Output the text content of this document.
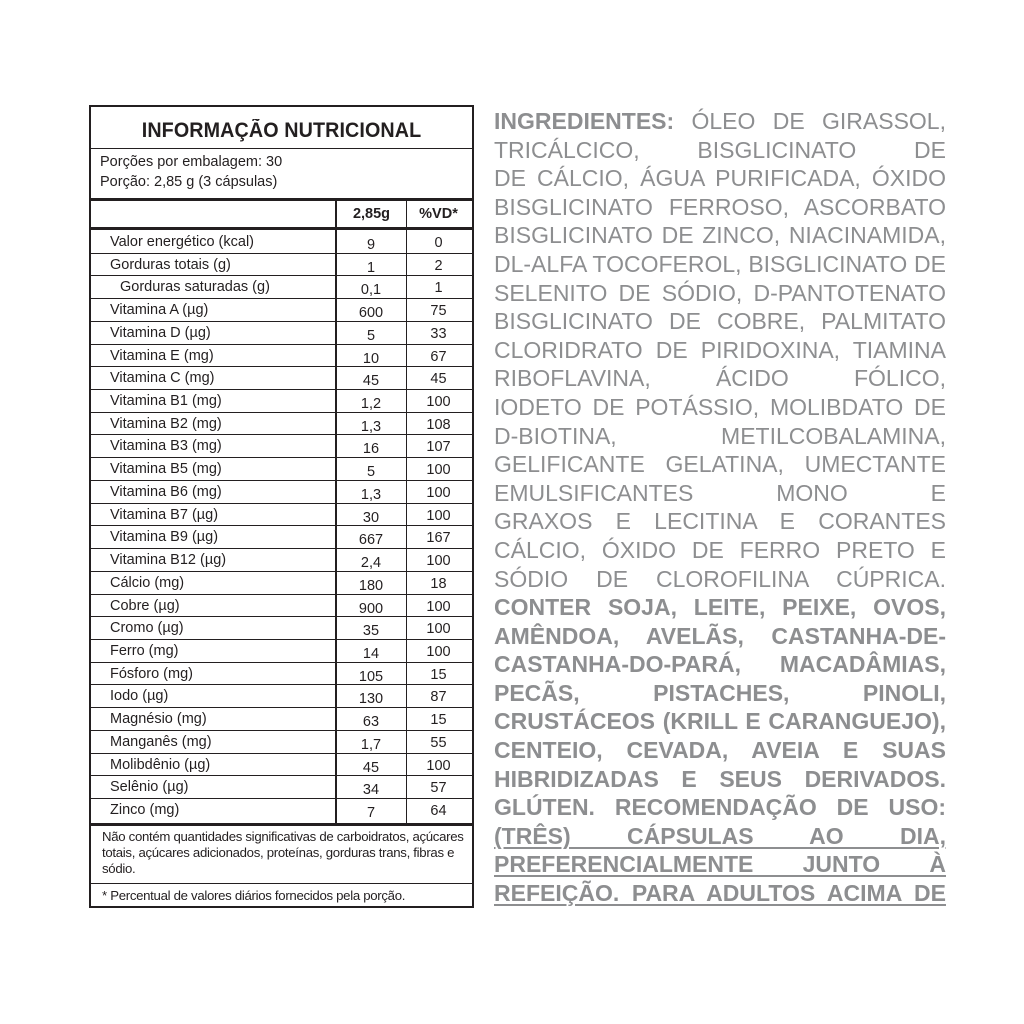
INFORMAÇÃO NUTRICIONAL
Porções por embalagem: 30
Porção: 2,85 g (3 cápsulas)
2,85g	%VD*
Valor energético (kcal)	9	0
Gorduras totais (g)	1	2
Gorduras saturadas (g)	0,1	1
Vitamina A (µg)	600	75
Vitamina D (µg)	5	33
Vitamina E (mg)	10	67
Vitamina C (mg)	45	45
Vitamina B1 (mg)	1,2	100
Vitamina B2 (mg)	1,3	108
Vitamina B3 (mg)	16	107
Vitamina B5 (mg)	5	100
Vitamina B6 (mg)	1,3	100
Vitamina B7 (µg)	30	100
Vitamina B9 (µg)	667	167
Vitamina B12 (µg)	2,4	100
Cálcio (mg)	180	18
Cobre (µg)	900	100
Cromo (µg)	35	100
Ferro (mg)	14	100
Fósforo (mg)	105	15
Iodo (µg)	130	87
Magnésio (mg)	63	15
Manganês (mg)	1,7	55
Molibdênio (µg)	45	100
Selênio (µg)	34	57
Zinco (mg)	7	64
Não contém quantidades significativas de carboidratos, açúcares totais, açúcares adicionados, proteínas, gorduras trans, fibras e sódio.
* Percentual de valores diários fornecidos pela porção.
INGREDIENTES: ÓLEO DE GIRASSOL,
TRICÁLCICO, BISGLICINATO DE
DE CÁLCIO, ÁGUA PURIFICADA, ÓXIDO
BISGLICINATO FERROSO, ASCORBATO
BISGLICINATO DE ZINCO, NIACINAMIDA,
DL-ALFA TOCOFEROL, BISGLICINATO DE
SELENITO DE SÓDIO, D-PANTOTENATO
BISGLICINATO DE COBRE, PALMITATO
CLORIDRATO DE PIRIDOXINA, TIAMINA
RIBOFLAVINA, ÁCIDO FÓLICO,
IODETO DE POTÁSSIO, MOLIBDATO DE
D-BIOTINA, METILCOBALAMINA,
GELIFICANTE GELATINA, UMECTANTE
EMULSIFICANTES MONO E
GRAXOS E LECITINA E CORANTES
CÁLCIO, ÓXIDO DE FERRO PRETO E
SÓDIO DE CLOROFILINA CÚPRICA.
CONTER SOJA, LEITE, PEIXE, OVOS,
AMÊNDOA, AVELÃS, CASTANHA-DE-
CASTANHA-DO-PARÁ, MACADÂMIAS,
PECÃS, PISTACHES, PINOLI,
CRUSTÁCEOS (KRILL E CARANGUEJO),
CENTEIO, CEVADA, AVEIA E SUAS
HIBRIDIZADAS E SEUS DERIVADOS.
GLÚTEN. RECOMENDAÇÃO DE USO:
(TRÊS) CÁPSULAS AO DIA,
PREFERENCIALMENTE JUNTO À
REFEIÇÃO. PARA ADULTOS ACIMA DE
